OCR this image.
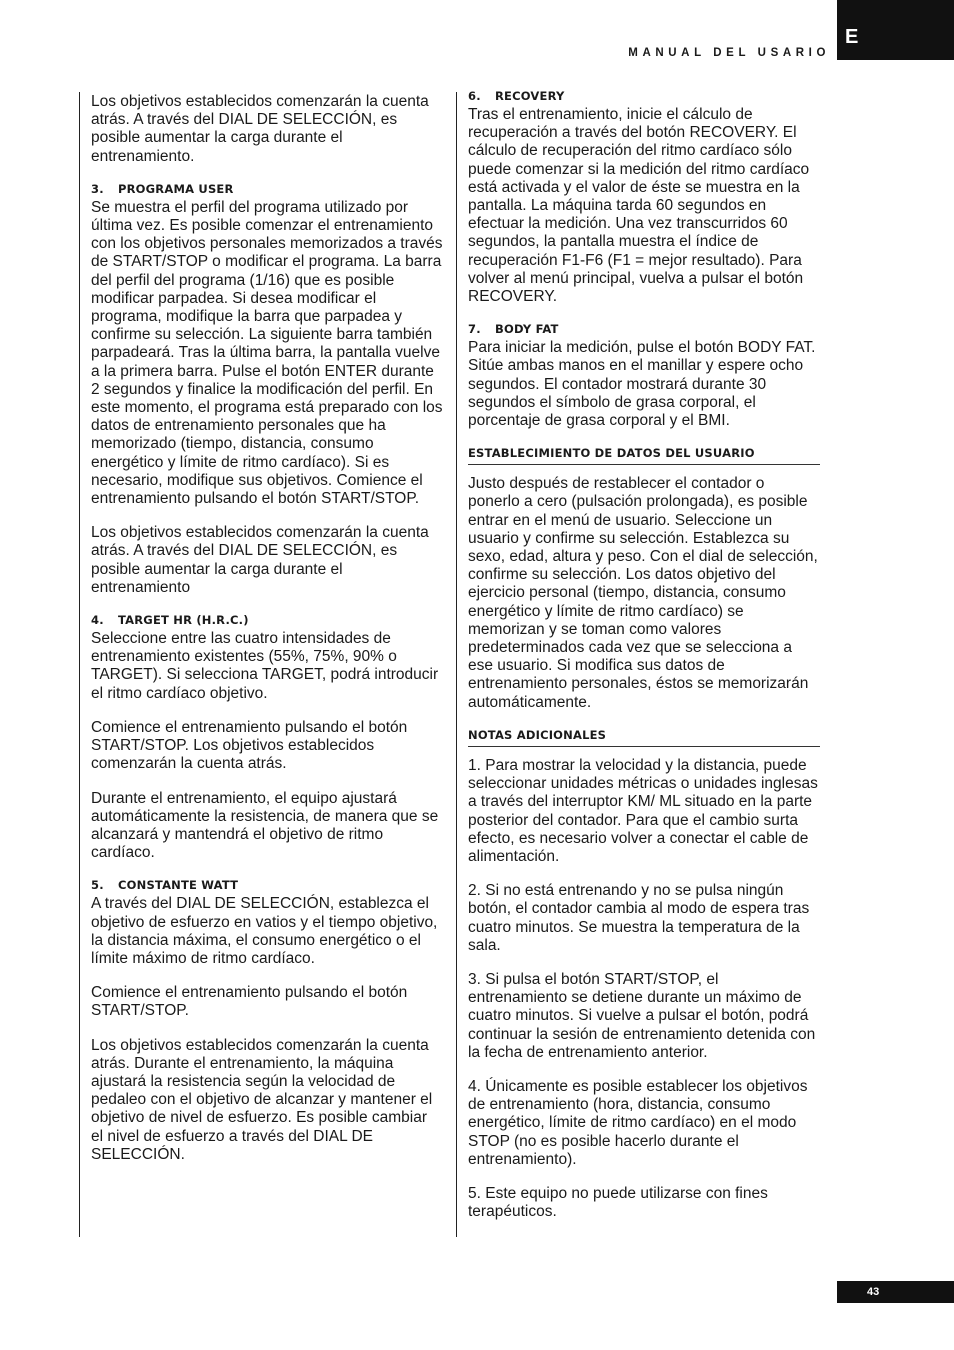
MANUAL DEL USARIO
E

Los objetivos establecidos comenzarán la cuenta atrás. A través del DIAL DE SELECCIÓN, es posible aumentar la carga durante el entrenamiento.

3. PROGRAMA USER

Se muestra el perfil del programa utilizado por última vez. Es posible comenzar el entrenamiento con los objetivos personales memorizados a través de START/STOP o modificar el programa. La barra del perfil del programa (1/16) que es posible modificar parpadea. Si desea modificar el programa, modifique la barra que parpadea y confirme su selección. La siguiente barra también parpadeará. Tras la última barra, la pantalla vuelve a la primera barra. Pulse el botón ENTER durante 2 segundos y finalice la modificación del perfil. En este momento, el programa está preparado con los datos de entrenamiento personales que ha memorizado (tiempo, distancia, consumo energético y límite de ritmo cardíaco). Si es necesario, modifique sus objetivos. Comience el entrenamiento pulsando el botón START/STOP.

Los objetivos establecidos comenzarán la cuenta atrás. A través del DIAL DE SELECCIÓN, es posible aumentar la carga durante el entrenamiento

4. TARGET HR (H.R.C.)

Seleccione entre las cuatro intensidades de entrenamiento existentes (55%, 75%, 90% o TARGET). Si selecciona TARGET, podrá introducir el ritmo cardíaco objetivo.

Comience el entrenamiento pulsando el botón START/STOP. Los objetivos establecidos comenzarán la cuenta atrás.

Durante el entrenamiento, el equipo ajustará automáticamente la resistencia, de manera que se alcanzará y mantendrá el objetivo de ritmo cardíaco.

5. CONSTANTE WATT

A través del DIAL DE SELECCIÓN, establezca el objetivo de esfuerzo en vatios y el tiempo objetivo, la distancia máxima, el consumo energético o el límite máximo de ritmo cardíaco.

Comience el entrenamiento pulsando el botón START/STOP.

Los objetivos establecidos comenzarán la cuenta atrás. Durante el entrenamiento, la máquina ajustará la resistencia según la velocidad de pedaleo con el objetivo de alcanzar y mantener el objetivo de nivel de esfuerzo. Es posible cambiar el nivel de esfuerzo a través del DIAL DE SELECCIÓN.

6. RECOVERY

Tras el entrenamiento, inicie el cálculo de recuperación a través del botón RECOVERY. El cálculo de recuperación del ritmo cardíaco sólo puede comenzar si la medición del ritmo cardíaco está activada y el valor de éste se muestra en la pantalla. La máquina tarda 60 segundos en efectuar la medición. Una vez transcurridos 60 segundos, la pantalla muestra el índice de recuperación F1-F6 (F1 = mejor resultado). Para volver al menú principal, vuelva a pulsar el botón RECOVERY.

7. BODY FAT

Para iniciar la medición, pulse el botón BODY FAT. Sitúe ambas manos en el manillar y espere ocho segundos. El contador mostrará durante 30 segundos el símbolo de grasa corporal, el porcentaje de grasa corporal y el BMI.

ESTABLECIMIENTO DE DATOS DEL USUARIO

Justo después de restablecer el contador o ponerlo a cero (pulsación prolongada), es posible entrar en el menú de usuario. Seleccione un usuario y confirme su selección. Establezca su sexo, edad, altura y peso. Con el dial de selección, confirme su selección. Los datos objetivo del ejercicio personal (tiempo, distancia, consumo energético y límite de ritmo cardíaco) se memorizan y se toman como valores predeterminados cada vez que se selecciona a ese usuario. Si modifica sus datos de entrenamiento personales, éstos se memorizarán automáticamente.

NOTAS ADICIONALES

1. Para mostrar la velocidad y la distancia, puede seleccionar unidades métricas o unidades inglesas a través del interruptor KM/ ML situado en la parte posterior del contador. Para que el cambio surta efecto, es necesario volver a conectar el cable de alimentación.

2. Si no está entrenando y no se pulsa ningún botón, el contador cambia al modo de espera tras cuatro minutos. Se muestra la temperatura de la sala.

3. Si pulsa el botón START/STOP, el entrenamiento se detiene durante un máximo de cuatro minutos. Si vuelve a pulsar el botón, podrá continuar la sesión de entrenamiento detenida con la fecha de entrenamiento anterior.

4. Únicamente es posible establecer los objetivos de entrenamiento (hora, distancia, consumo energético, límite de ritmo cardíaco) en el modo STOP (no es posible hacerlo durante el entrenamiento).

5. Este equipo no puede utilizarse con fines terapéuticos.

43
